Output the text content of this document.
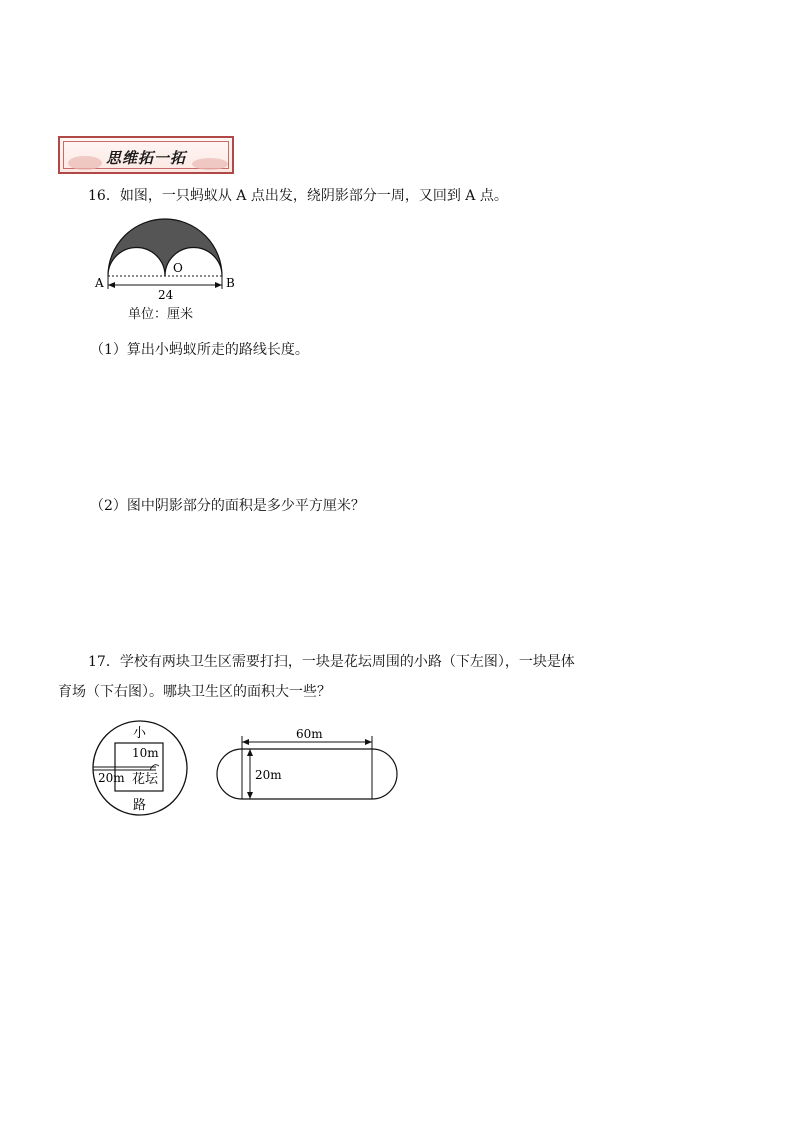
思维拓一拓
16．如图，一只蚂蚁从 A 点出发，绕阴影部分一周，又回到 A 点。
A	B
O
24
单位：厘米
（1）算出小蚂蚁所走的路线长度。
（2）图中阴影部分的面积是多少平方厘米？
17．学校有两块卫生区需要打扫，一块是花坛周围的小路（下左图），一块是体
育场（下右图）。哪块卫生区的面积大一些？
小
10m
20m 花坛
路
60m
20m
